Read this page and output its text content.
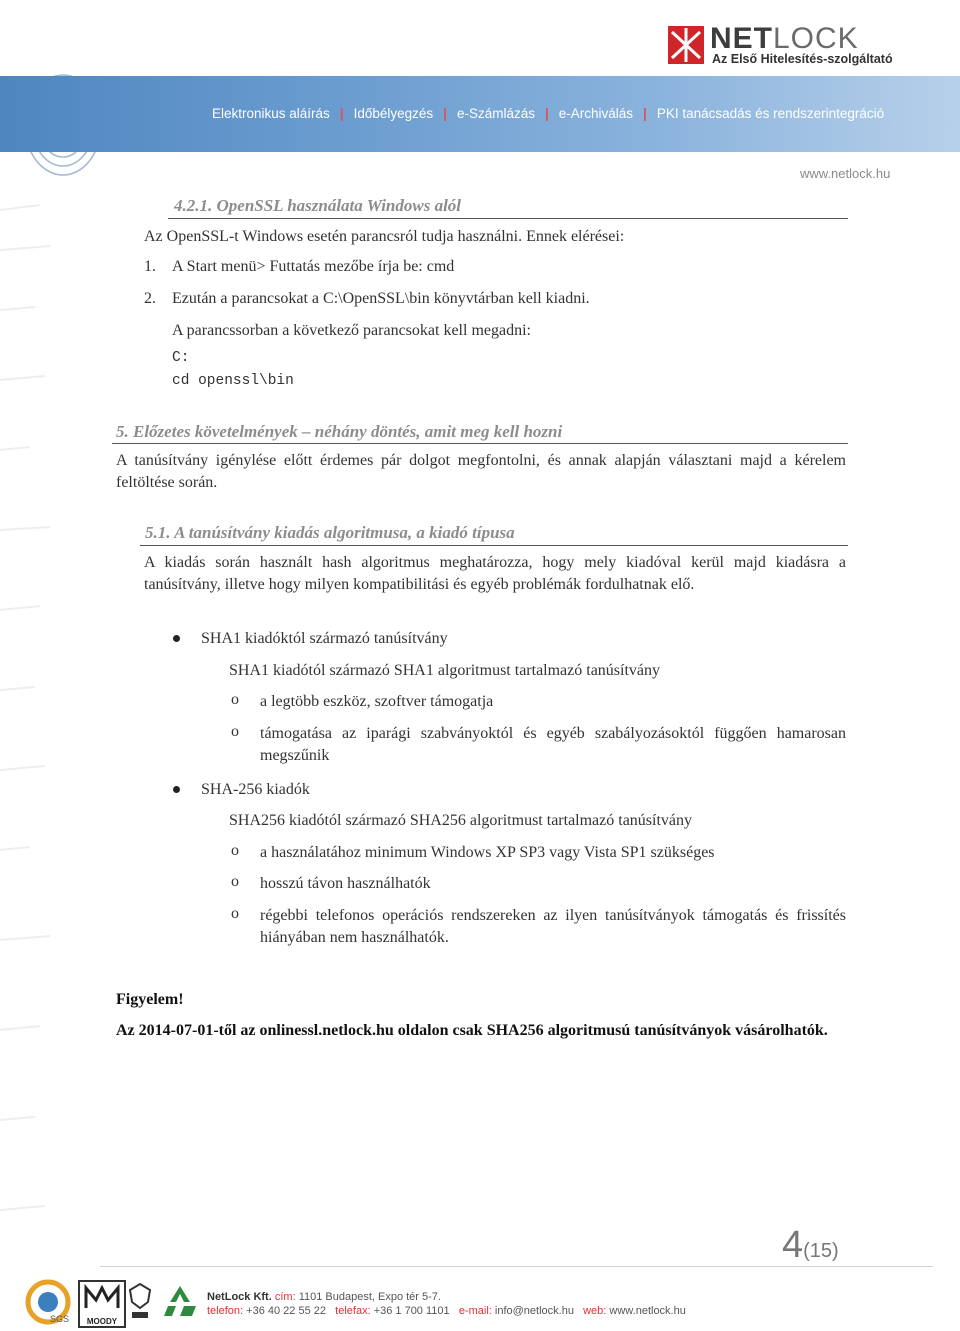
Elektronikus aláírás | Időbélyegzés | e-Számlázás | e-Archiválás | PKI tanácsadás és rendszerintegráció
NETLOCK
Az Első Hitelesítés-szolgáltató
www.netlock.hu
4.2.1. OpenSSL használata Windows alól
Az OpenSSL-t Windows esetén parancsról tudja használni. Ennek elérései:
1. A Start menü> Futtatás mezőbe írja be: cmd
2. Ezután a parancsokat a C:\OpenSSL\bin könyvtárban kell kiadni.
A parancssorban a következő parancsokat kell megadni:
C:
cd openssl\bin
5. Előzetes követelmények – néhány döntés, amit meg kell hozni
A tanúsítvány igénylése előtt érdemes pár dolgot megfontolni, és annak alapján választani majd a kérelem feltöltése során.
5.1. A tanúsítvány kiadás algoritmusa, a kiadó típusa
A kiadás során használt hash algoritmus meghatározza, hogy mely kiadóval kerül majd kiadásra a tanúsítvány, illetve hogy milyen kompatibilitási és egyéb problémák fordulhatnak elő.
SHA1 kiadóktól származó tanúsítvány
SHA1 kiadótól származó SHA1 algoritmust tartalmazó tanúsítvány
o a legtöbb eszköz, szoftver támogatja
o támogatása az iparági szabványoktól és egyéb szabályozásoktól függően hamarosan megszűnik
SHA-256 kiadók
SHA256 kiadótól származó SHA256 algoritmust tartalmazó tanúsítvány
o a használatához minimum Windows XP SP3 vagy Vista SP1 szükséges
o hosszú távon használhatók
o régebbi telefonos operációs rendszereken az ilyen tanúsítványok támogatás és frissítés hiányában nem használhatók.
Figyelem!
Az 2014-07-01-től az onlinessl.netlock.hu oldalon csak SHA256 algoritmusú tanúsítványok vásárolhatók.
4(15)
SGS	MOODY
NetLock Kft. cím: 1101 Budapest, Expo tér 5-7.
telefon: +36 40 22 55 22 telefax: +36 1 700 1101 e-mail: info@netlock.hu web: www.netlock.hu
